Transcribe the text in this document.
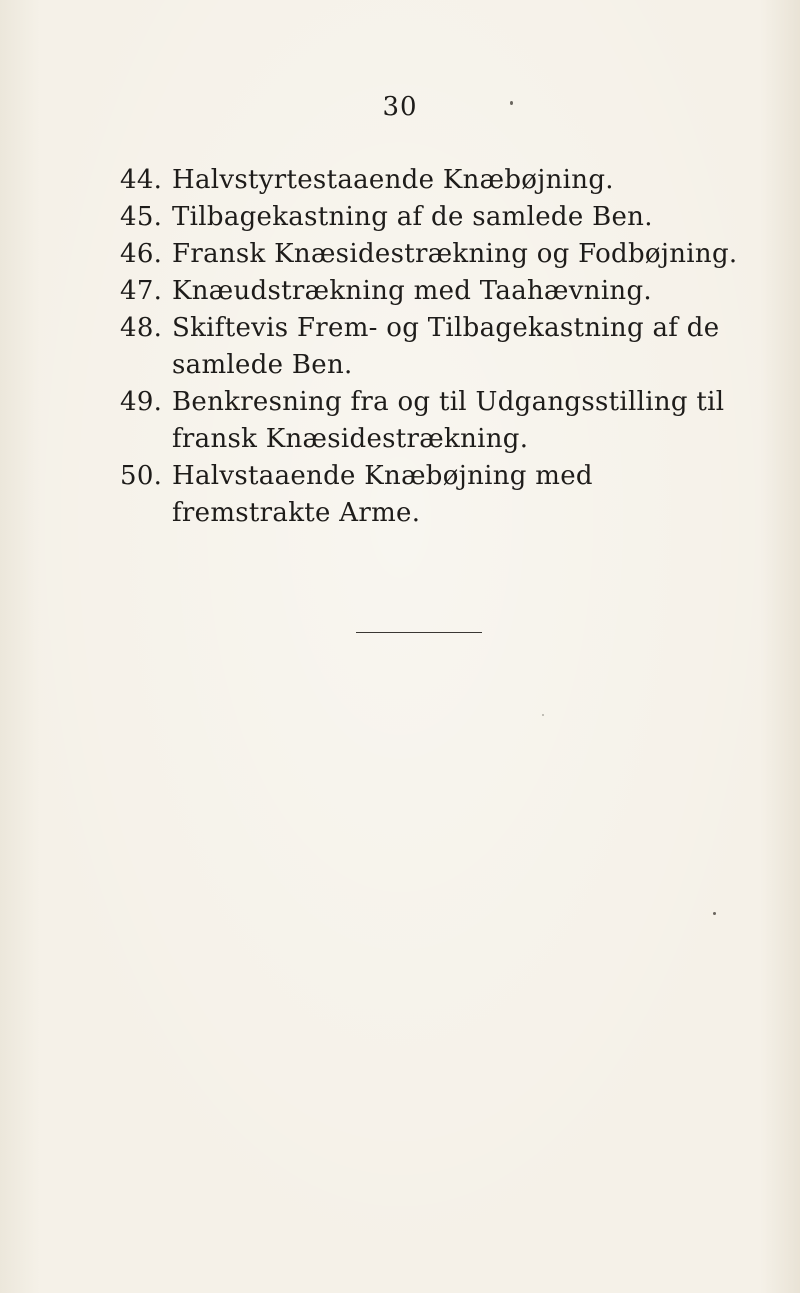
30
44. Halvstyrtestaaende Knæbøjning.
45. Tilbagekastning af de samlede Ben.
46. Fransk Knæsidestrækning og Fodbøjning.
47. Knæudstrækning med Taahævning.
48. Skiftevis Frem- og Tilbagekastning af de samlede Ben.
49. Benkresning fra og til Udgangsstilling til fransk Knæsidestrækning.
50. Halvstaaende Knæbøjning med fremstrakte Arme.
